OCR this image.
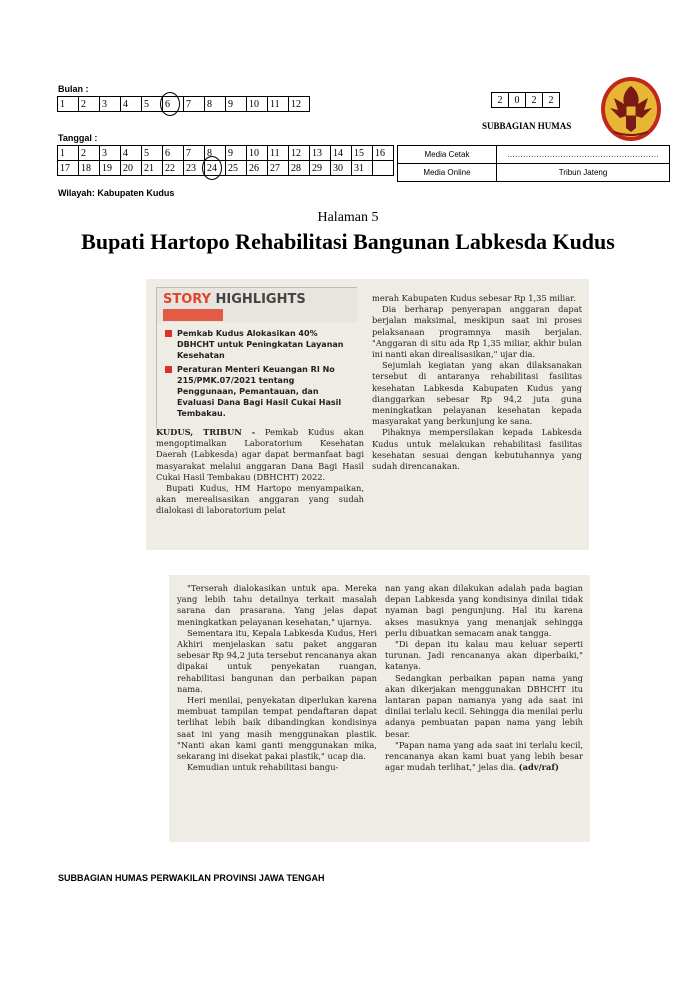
Bulan :
1	2	3	4	5	6	7	8	9	10	11	12
Tanggal :
1	2	3	4	5	6	7	8	9	10	11	12	13	14	15	16
17	18	19	20	21	22	23	24	25	26	27	28	29	30	31	
2	0	2	2
SUBBAGIAN HUMAS
Media Cetak	…………………………………………………
Media Online	Tribun Jateng
Wilayah: Kabupaten Kudus
Halaman 5
Bupati Hartopo Rehabilitasi Bangunan Labkesda Kudus
STORY HIGHLIGHTS
Pemkab Kudus Alokasikan 40% DBHCHT untuk Peningkatan Layanan Kesehatan
Peraturan Menteri Keuangan RI No 215/PMK.07/2021 tentang Penggunaan, Pemantauan, dan Evaluasi Dana Bagi Hasil Cukai Hasil Tembakau.

KUDUS, TRIBUN - Pemkab Kudus akan mengoptimalkan Laboratorium Kesehatan Daerah (Labkesda) agar dapat bermanfaat bagi masyarakat melalui anggaran Dana Bagi Hasil Cukai Hasil Tembakau (DBHCHT) 2022.

Bupati Kudus, HM Hartopo menyampaikan, akan merealisasikan anggaran yang sudah dialokasi di laboratorium pelat

merah Kabupaten Kudus sebesar Rp 1,35 miliar.

Dia berharap penyerapan anggaran dapat berjalan maksimal, meskipun saat ini proses pelaksanaan programnya masih berjalan. "Anggaran di situ ada Rp 1,35 miliar, akhir bulan ini nanti akan direalisasikan," ujar dia.

Sejumlah kegiatan yang akan dilaksanakan tersebut di antaranya rehabilitasi fasilitas kesehatan Labkesda Kabupaten Kudus yang dianggarkan sebesar Rp 94,2 juta guna meningkatkan pelayanan kesehatan kepada masyarakat yang berkunjung ke sana.

Pihaknya mempersilakan kepada Labkesda Kudus untuk melakukan rehabilitasi fasilitas kesehatan sesuai dengan kebutuhannya yang sudah direncanakan.

"Terserah dialokasikan untuk apa. Mereka yang lebih tahu detailnya terkait masalah sarana dan prasarana. Yang jelas dapat meningkatkan pelayanan kesehatan," ujarnya.

Sementara itu, Kepala Labkesda Kudus, Heri Akhiri menjelaskan satu paket anggaran sebesar Rp 94,2 juta tersebut rencananya akan dipakai untuk penyekatan ruangan, rehabilitasi bangunan dan perbaikan papan nama.

Heri menilai, penyekatan diperlukan karena membuat tampilan tempat pendaftaran dapat terlihat lebih baik dibandingkan kondisinya saat ini yang masih menggunakan plastik. "Nanti akan kami ganti menggunakan mika, sekarang ini disekat pakai plastik," ucap dia.

Kemudian untuk rehabilitasi bangu-

nan yang akan dilakukan adalah pada bagian depan Labkesda yang kondisinya dinilai tidak nyaman bagi pengunjung. Hal itu karena akses masuknya yang menanjak sehingga perlu dibuatkan semacam anak tangga.

"Di depan itu kalau mau keluar seperti turunan. Jadi rencananya akan diperbaiki," katanya.

Sedangkan perbaikan papan nama yang akan dikerjakan menggunakan DBHCHT itu lantaran papan namanya yang ada saat ini dinilai terlalu kecil. Sehingga dia menilai perlu adanya pembuatan papan nama yang lebih besar.

"Papan nama yang ada saat ini terlalu kecil, rencananya akan kami buat yang lebih besar agar mudah terlihat," jelas dia. (adv/raf)

SUBBAGIAN HUMAS PERWAKILAN PROVINSI JAWA TENGAH
